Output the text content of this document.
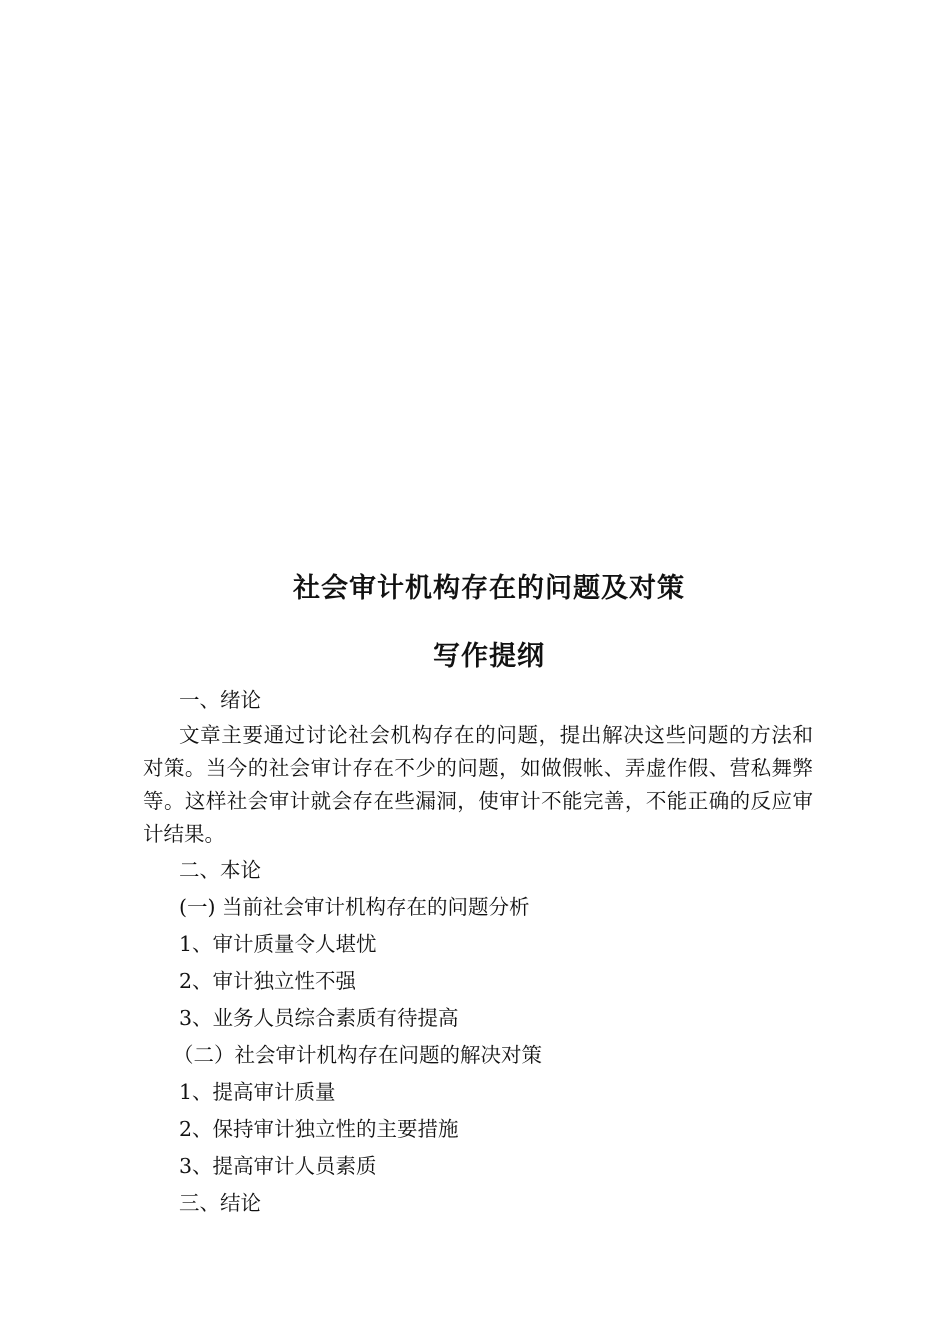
社会审计机构存在的问题及对策
写作提纲

一、绪论

文章主要通过讨论社会机构存在的问题，提出解决这些问题的方法和对策。当今的社会审计存在不少的问题，如做假帐、弄虚作假、营私舞弊等。这样社会审计就会存在些漏洞，使审计不能完善，不能正确的反应审计结果。

二、本论

(一) 当前社会审计机构存在的问题分析

1、审计质量令人堪忧

2、审计独立性不强

3、业务人员综合素质有待提高

（二）社会审计机构存在问题的解决对策

1、提高审计质量

2、保持审计独立性的主要措施

3、提高审计人员素质

三、结论
